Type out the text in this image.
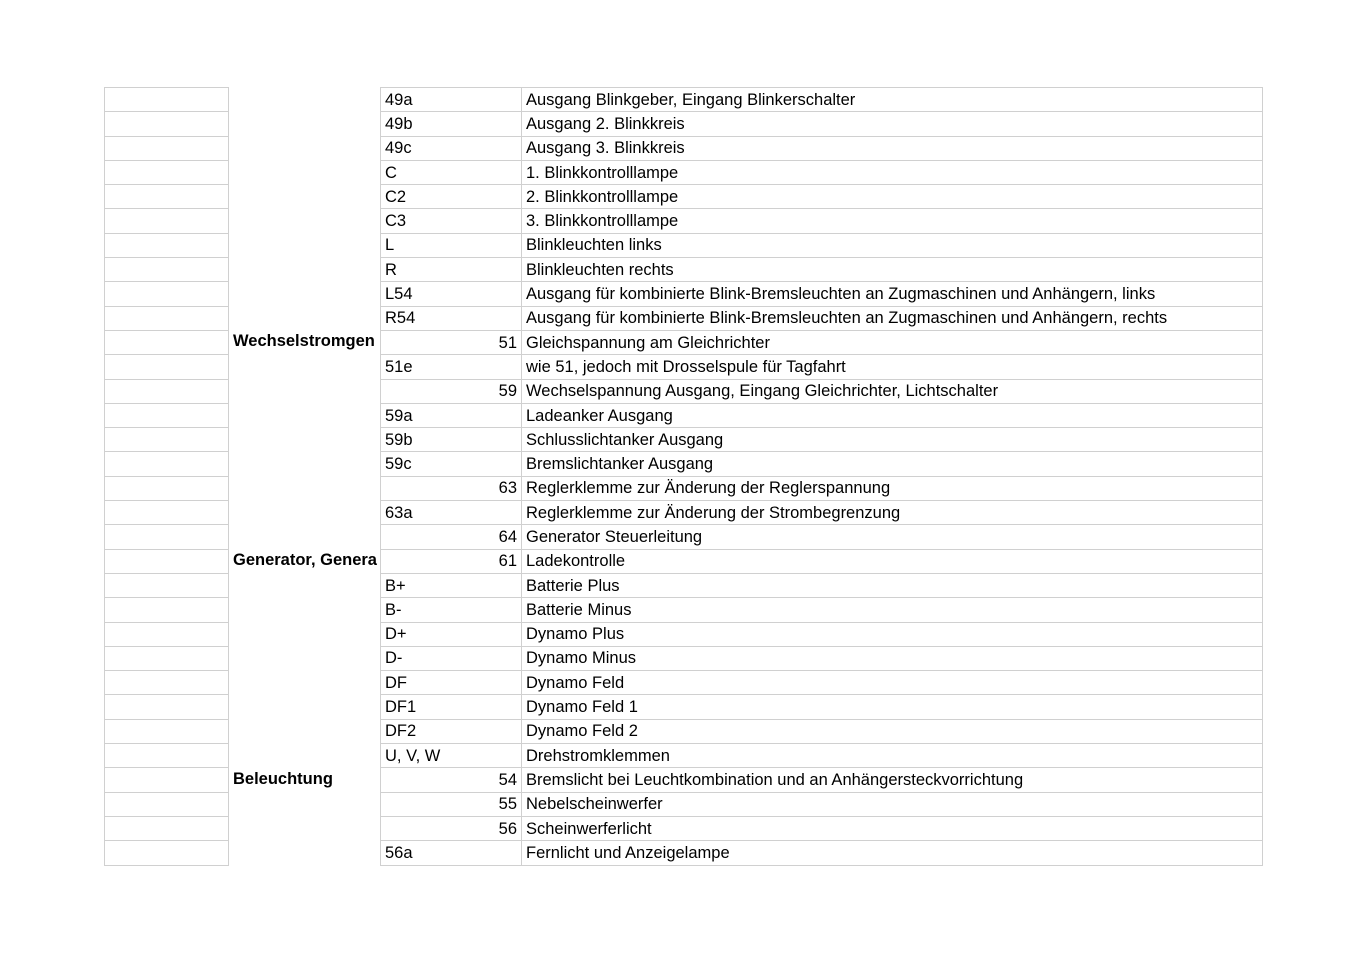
		49a	Ausgang Blinkgeber, Eingang Blinkerschalter
		49b	Ausgang 2. Blinkkreis
		49c	Ausgang 3. Blinkkreis
		C	1. Blinkkontrolllampe
		C2	2. Blinkkontrolllampe
		C3	3. Blinkkontrolllampe
		L	Blinkleuchten links
		R	Blinkleuchten rechts
		L54	Ausgang für kombinierte Blink-Bremsleuchten an Zugmaschinen und Anhängern, links
		R54	Ausgang für kombinierte Blink-Bremsleuchten an Zugmaschinen und Anhängern, rechts
	Wechselstromgen	51	Gleichspannung am Gleichrichter
		51e	wie 51, jedoch mit Drosselspule für Tagfahrt
		59	Wechselspannung Ausgang, Eingang Gleichrichter, Lichtschalter
		59a	Ladeanker Ausgang
		59b	Schlusslichtanker Ausgang
		59c	Bremslichtanker Ausgang
		63	Reglerklemme zur Änderung der Reglerspannung
		63a	Reglerklemme zur Änderung der Strombegrenzung
		64	Generator Steuerleitung
	Generator, Genera	61	Ladekontrolle
		B+	Batterie Plus
		B-	Batterie Minus
		D+	Dynamo Plus
		D-	Dynamo Minus
		DF	Dynamo Feld
		DF1	Dynamo Feld 1
		DF2	Dynamo Feld 2
		U, V, W	Drehstromklemmen
	Beleuchtung	54	Bremslicht bei Leuchtkombination und an Anhängersteckvorrichtung
		55	Nebelscheinwerfer
		56	Scheinwerferlicht
		56a	Fernlicht und Anzeigelampe
